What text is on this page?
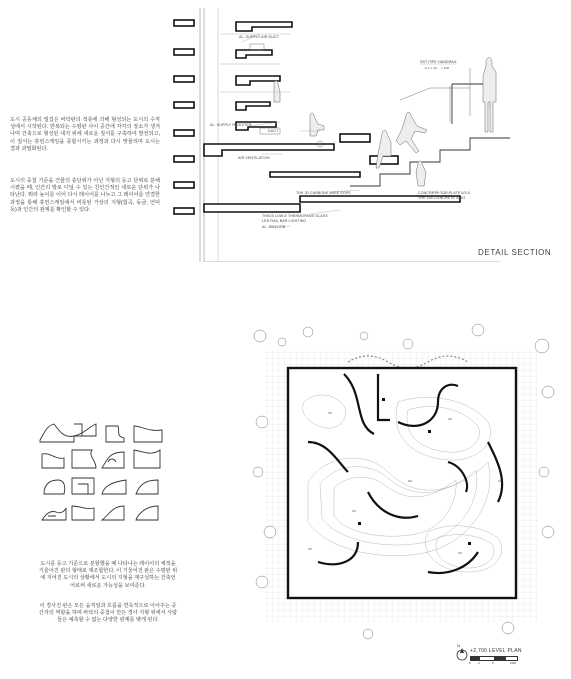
도시 공동체의 밀집은 바닥판의 적층에 의해 형성되는 도시의 수직성에서 시작된다. 반복되는 수평판 사이 공간에 각각의 장소가 생겨나며 건축으로 형성된 대지 위에 새로운 질서를 구축하여 발전되고, 이 질서는 휴먼스케일을 종합시키는 과정과 다시 맞물리며 도시는 결과 과밀화된다.
도시의 중첩 기준을 건물의 층단위가 아닌 지형의 등고 단위로 분해시켰을 때, 인간의 발로 디딜 수 있는 친인간적인 새로운 단위가 나타난다. 뭐라 높이를 이어 다시 레이어를 나누고 그 레이어를 연결한 과정을 통해 휴먼스케일에서 비롯된 가상의 지형(험곡, 동굴, 언덕 등)과 인간의 관계를 확인할 수 있다.
AL. SUPPLY AIR DUCT
SST PIPE HANDRAIL
ø 1 x 18 ... x 100
AL. SUPPLY REGISTER
DUCT
AIR VENTILATION
THK 30 CARBONE WIRE ROPE	CONCRETE TOP PLATE 6/3.5
THK 100 CONCRETE SEAT
THK24 LOW-E THERMOPANE GLASS
LED RAIL BAR LIGHTING
AL. MULLION
DETAIL SECTION
도시를 등고 기준으로 분할했을 때 나타나는 레이어의 체적을 기울어진 판의 형태로 재조합한다. 이 기울어진 판은 수평판 위에 지어진 도시의 상황에서 도시의 지형을 재구성하는 건축언어로써 새로운 가능성을 보여준다.
이 경사진 판은 모든 움직임과 흐름을 연속적으로 이어주는 중간자의 역할을 하며 바닥의 중첩이 만든 경사 지형 위에서 사람들은 예측할 수 없는 다양한 관계를 맺게 된다.
UP
UP
UP
DN
UP
UP
UP
N
+2,700 LEVEL PLAN
0 2	5	10M
